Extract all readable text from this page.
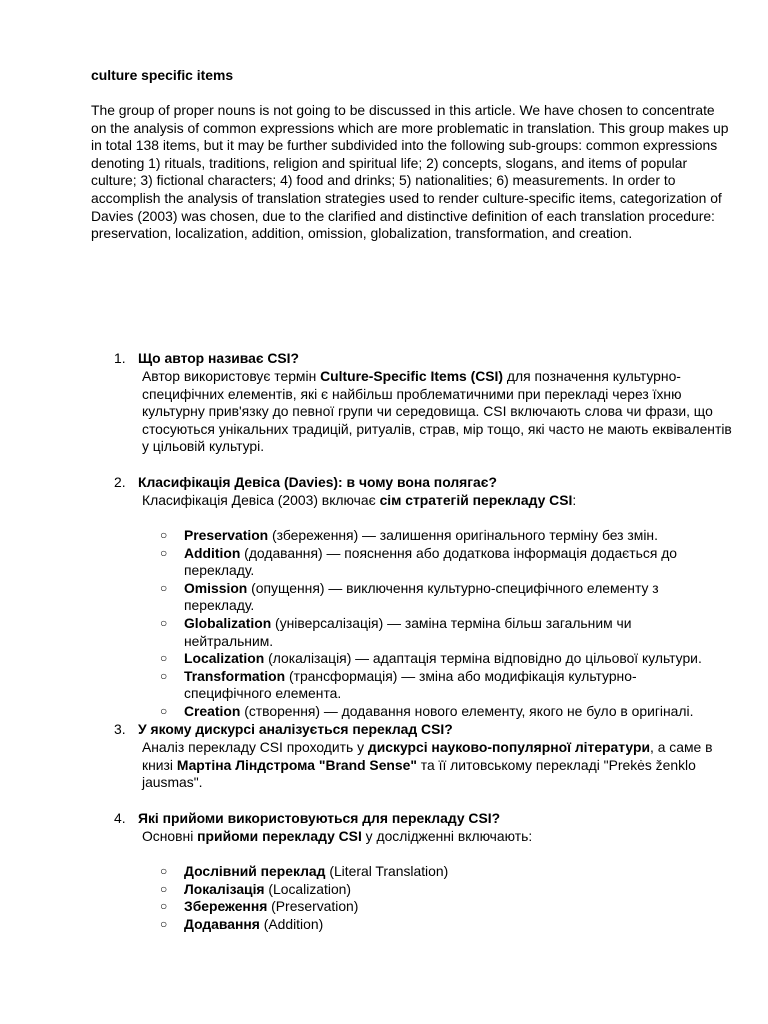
culture specific items
The group of proper nouns is not going to be discussed in this article. We have chosen to concentrate on the analysis of common expressions which are more problematic in translation. This group makes up in total 138 items, but it may be further subdivided into the following sub-groups: common expressions denoting 1) rituals, traditions, religion and spiritual life; 2) concepts, slogans, and items of popular culture; 3) fictional characters; 4) food and drinks; 5) nationalities; 6) measurements. In order to accomplish the analysis of translation strategies used to render culture-specific items, categorization of Davies (2003) was chosen, due to the clarified and distinctive definition of each translation procedure: preservation, localization, addition, omission, globalization, transformation, and creation.
1. Що автор називає CSI?

Автор використовує термін Culture-Specific Items (CSI) для позначення культурно-специфічних елементів, які є найбільш проблематичними при перекладі через їхню культурну прив'язку до певної групи чи середовища. CSI включають слова чи фрази, що стосуються унікальних традицій, ритуалів, страв, мір тощо, які часто не мають еквівалентів у цільовій культурі.

2. Класифікація Девіса (Davies): в чому вона полягає?

Класифікація Девіса (2003) включає сім стратегій перекладу CSI:

○ Preservation (збереження) — залишення оригінального терміну без змін.
○ Addition (додавання) — пояснення або додаткова інформація додається до перекладу.
○ Omission (опущення) — виключення культурно-специфічного елементу з перекладу.
○ Globalization (універсалізація) — заміна терміна більш загальним чи нейтральним.
○ Localization (локалізація) — адаптація терміна відповідно до цільової культури.
○ Transformation (трансформація) — зміна або модифікація культурно-специфічного елемента.
○ Creation (створення) — додавання нового елементу, якого не було в оригіналі.
3. У якому дискурсі аналізується переклад CSI?

Аналіз перекладу CSI проходить у дискурсі науково-популярної літератури, а саме в книзі Мартіна Ліндстрома "Brand Sense" та її литовському перекладі "Prekės ženklo jausmas".

4. Які прийоми використовуються для перекладу CSI?

Основні прийоми перекладу CSI у дослідженні включають:

○ Дослівний переклад (Literal Translation)
○ Локалізація (Localization)
○ Збереження (Preservation)
○ Додавання (Addition)
